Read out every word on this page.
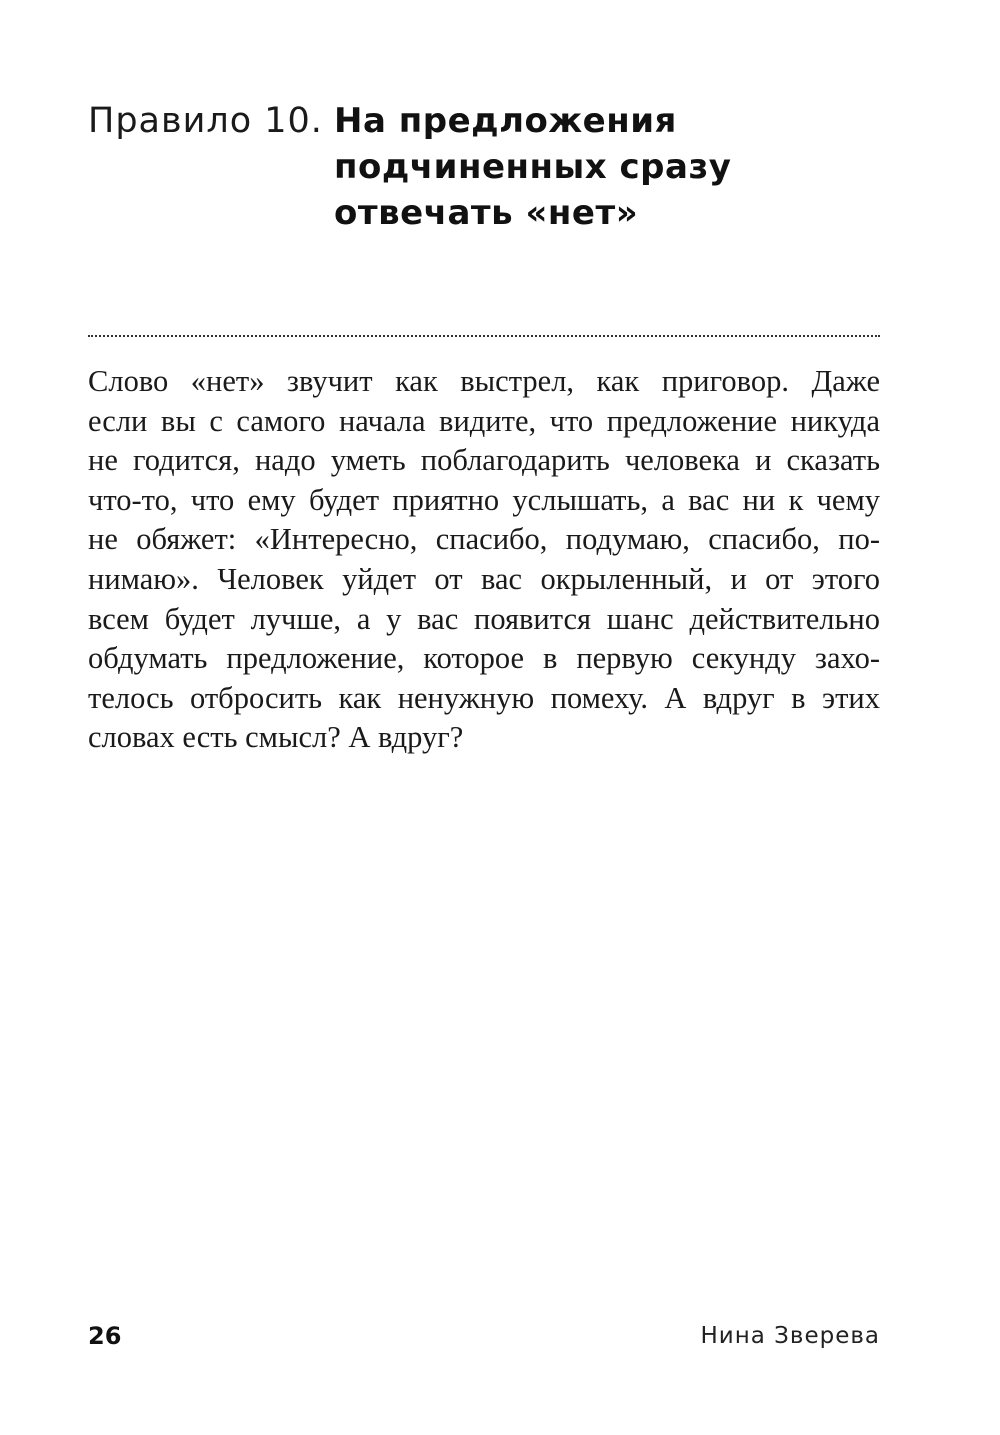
Правило 10. На предложения
подчиненных сразу
отвечать «нет»
Слово «нет» звучит как выстрел, как приговор. Даже
если вы с самого начала видите, что предложение никуда
не годится, надо уметь поблагодарить человека и сказать
что-то, что ему будет приятно услышать, а вас ни к чему
не обяжет: «Интересно, спасибо, подумаю, спасибо, по-
нимаю». Человек уйдет от вас окрыленный, и от этого
всем будет лучше, а у вас появится шанс действительно
обдумать предложение, которое в первую секунду захо-
телось отбросить как ненужную помеху. А вдруг в этих
словах есть смысл? А вдруг?
26	Нина Зверева
